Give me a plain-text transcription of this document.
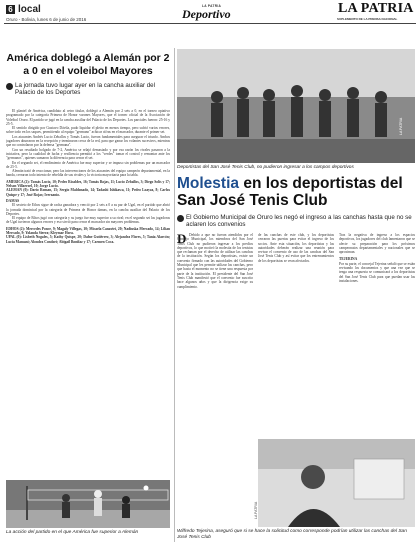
6 local
Oruro - Bolivia, lunes 6 de junio de 2016
LA PATRIA
Deportivo	LA PATRIA
SUPLEMENTO DE LA PRENSA NACIONAL
América doblegó a Alemán por 2 a 0 en el voleibol Mayores
La jornada tuvo lugar ayer en la cancha auxiliar del Palacio de los Deportes

El plantel de América, candidato al cetro titular, doblegó a Alemán por 2 sets a 0, en el torneo optativo programado por la categoría Primera de Honor varones Mayores, que el torneo oficial de la Asociación de Voleibol Oruro. El partido se jugó en la cancha auxiliar del Palacio de los Deportes. Los parciales fueron: 25-16 y 25-5.

El sentido dirigido por Gustavo Dávila, pudo liquidar el pleito en menos tiempo, pero sufrió varios errores, sobre todo en los saques, permitiendo al equipo "germano" achicar cifras en el marcador, durante el primer set.

Los atacantes Andrés Lucio Zeballos y Tomás Lucio, fueron fundamentales para asegurar el triunfo. Ambos jugadores aburraron en la recepción y terminaron cerca de la red, para que ganar los volantes sucesivos, mientras que no controlaron por la defensa "germana".

Con un resultado holgado de 7-2, América se relajó demasiado y por esa razón los rivales pasaron a la iniciativa, pero la cualidad de lucha y resiliencia permitió a los "verdes" tomar el control y remontar ante los "germanos", quienes sumaron la diferencia para cerrar el set.

En el segundo set, el rendimiento de América fue muy superior y se impuso sin problemas por un marcador de 25-5.

Alemán trató de reaccionar, pero las intervenciones de los atacantes del equipo campeón departamental, en la banda, cerraron todo intento de rebeldía de sus rivales y la victoria mayoritaria para la tabla.

AMÉRICA (2): Tomás Lucio, 10; Pedro Ricaldez, 16; Tomás Rojas, 11; Lucio Zeballos, 3; Diego Solís y 17; Nelson Villarroel, 10; Jorge Lucio.

ALEMÁN (0): Darío Roman, 15; Sergio Maldonado, 14; Tadashi Ishikawa, 11; Pedro Loayza, 8; Carlos Quispe y 17; José Rojas; Iverzanio.

DAMAS

El sexteto de Ethos sigue de racha ganadora y venció por 2 sets a 0 a su par de Ugal, en el partido que abrió la jornada dominical por la categoría de Primera de Honor damas, en la cancha auxiliar del Palacio de los Deportes.

El equipo de Ethos jugó con categoría y su juego fue muy superior a su rival; en el segundo set las jugadoras de Ugal tuvieron algunos errores y eso sirvió para cerrar el marcador sin mayores problemas.

EDHOS (2): Mercedes Ponce, 9; Magaly Villegas, 10; Micaela Canaviri, 20; Nadiuska Mercado, 14; Lilian Mercado, 9; Yolanda Sierra; Kleymar Hora.

UPAL (0): Lisbeth Nogales, 5; Kathy Quispe, 20; Dafne Gutiérrez, 3; Alejandra Flores, 5; Tania Alarcón; Lucía Mamani; Alondra Condori; Abigail Bonifaz y 17; Carmen Coca.

La acción del partido en el que América fue superior a Alemán
LA PATRIA
Deportistas del San José Tenis Club, no pudieron ingresar a los campos deportivos
Molestia en los deportistas del San José Tenis Club
El Gobierno Municipal de Oruro les negó el ingreso a las canchas hasta que no se aclaren los convenios
D Debido a que no fueron atendidos por el Concejo Municipal, los miembros del San José Tenis Club no pudieron ingresar a los predios deportivos, lo que motivó la molestia de los tenistas que reclaman por el derecho de utilizar las canchas de la institución. Según los deportistas, existe un convenio firmado con las autoridades del Gobierno Municipal que les permite utilizar las canchas, pero que hasta el momento no se tiene una respuesta por parte de la institución. El presidente del San José Tenis Club manifestó que el convenio fue suscrito hace algunos años y que la dirigencia exige su cumplimiento.

de las canchas de este club, y los deportistas cerraron las puertas para evitar el ingreso de los socios. Ante esta situación, los deportistas y las autoridades deberán realizar una reunión para revisar el convenio de uso de las canchas del San José Tenis Club y así evitar que los entrenamientos de los deportistas se vean afectados.

Tras la negativa de ingreso a los espacios deportivos, los jugadores del club lamentaron que se afecte su preparación para los próximos campeonatos departamentales y nacionales que se aproximan.

TEJERINA

Por su parte, el concejal Tejerina señaló que se están revisando los documentos y que una vez que se tenga una respuesta se comunicará a los deportistas del San José Tenis Club para que puedan usar las instalaciones.

LA PATRIA
Wilfredo Tejerina, aseguró que si se hace la solicitud como corresponde podrían utilizar las canchas del San José Tenis Club
